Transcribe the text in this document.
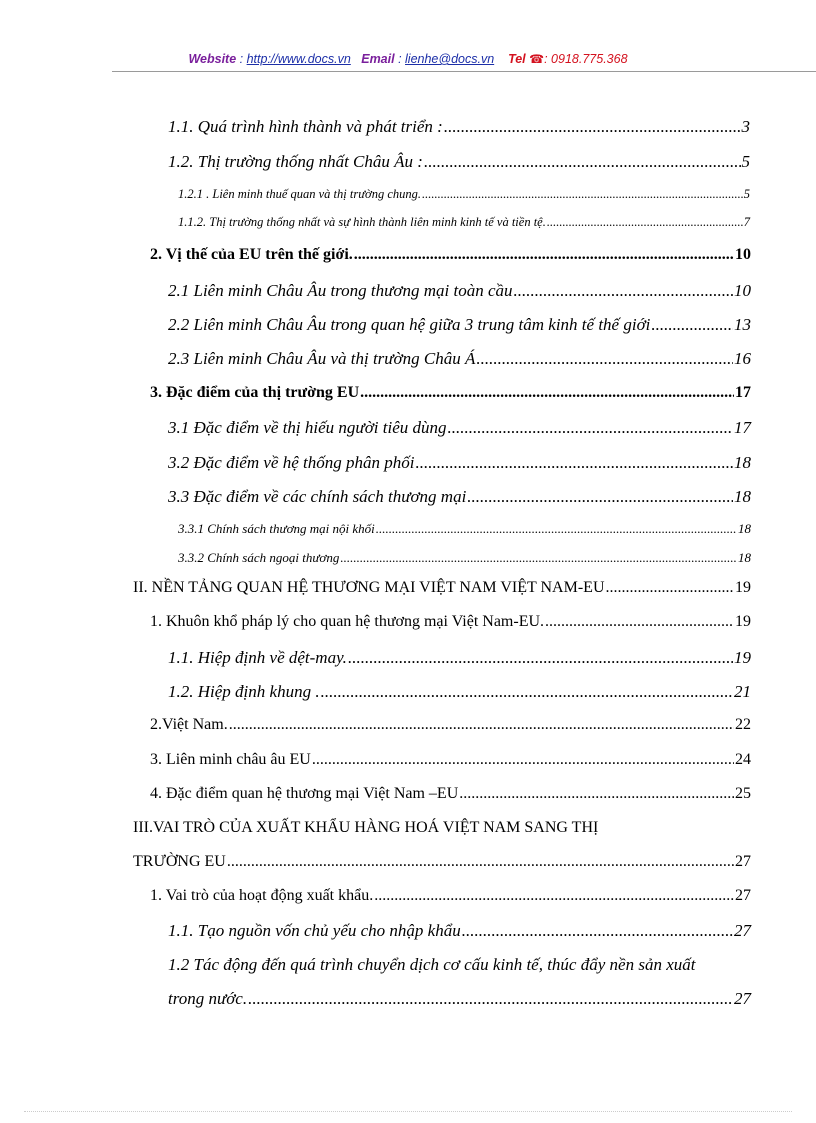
Website : http://www.docs.vn Email : lienhe@docs.vn Tel ☎: 0918.775.368
1.1. Quá trình hình thành và phát triển : .....	3
1.2. Thị trường thống nhất Châu Âu : .....	5
1.2.1 . Liên minh thuế quan và thị trường chung. .....	5
1.1.2. Thị trường thống nhất và sự hình thành liên minh kinh tế và tiền tệ. .....	7
2. Vị thế của EU trên thế giới. .....	10
2.1 Liên minh Châu Âu trong thương mại toàn cầu .....	10
2.2 Liên minh Châu Âu trong quan hệ giữa 3 trung tâm kinh tế thế giới .....	13
2.3 Liên minh Châu Âu và thị trường Châu Á .....	16
3. Đặc điểm của thị trường EU .....	17
3.1 Đặc điểm về thị hiếu người tiêu dùng .....	17
3.2 Đặc điểm về hệ thống phân phối .....	18
3.3 Đặc điểm về các chính sách thương mại .....	18
3.3.1 Chính sách thương mại nội khối .....	18
3.3.2 Chính sách ngoại thương .....	18
II. NỀN TẢNG QUAN HỆ THƯƠNG MẠI VIỆT NAM VIỆT NAM-EU .....	19
1. Khuôn khổ pháp lý cho quan hệ thương mại Việt Nam-EU. .....	19
1.1. Hiệp định về dệt-may. .....	19
1.2. Hiệp định khung . .....	21
2.Việt Nam. .....	22
3. Liên minh châu âu EU .....	24
4. Đặc điểm quan hệ thương mại Việt Nam –EU .....	25
III.VAI TRÒ CỦA XUẤT KHẨU HÀNG HOÁ VIỆT NAM SANG THỊ
TRƯỜNG EU .....	27
1. Vai trò của hoạt động xuất khẩu. .....	27
1.1. Tạo nguồn vốn chủ yếu cho nhập khẩu .....	27
1.2 Tác động đến quá trình chuyển dịch cơ cấu kinh tế, thúc đẩy nền sản xuất
trong nước. .....	27
